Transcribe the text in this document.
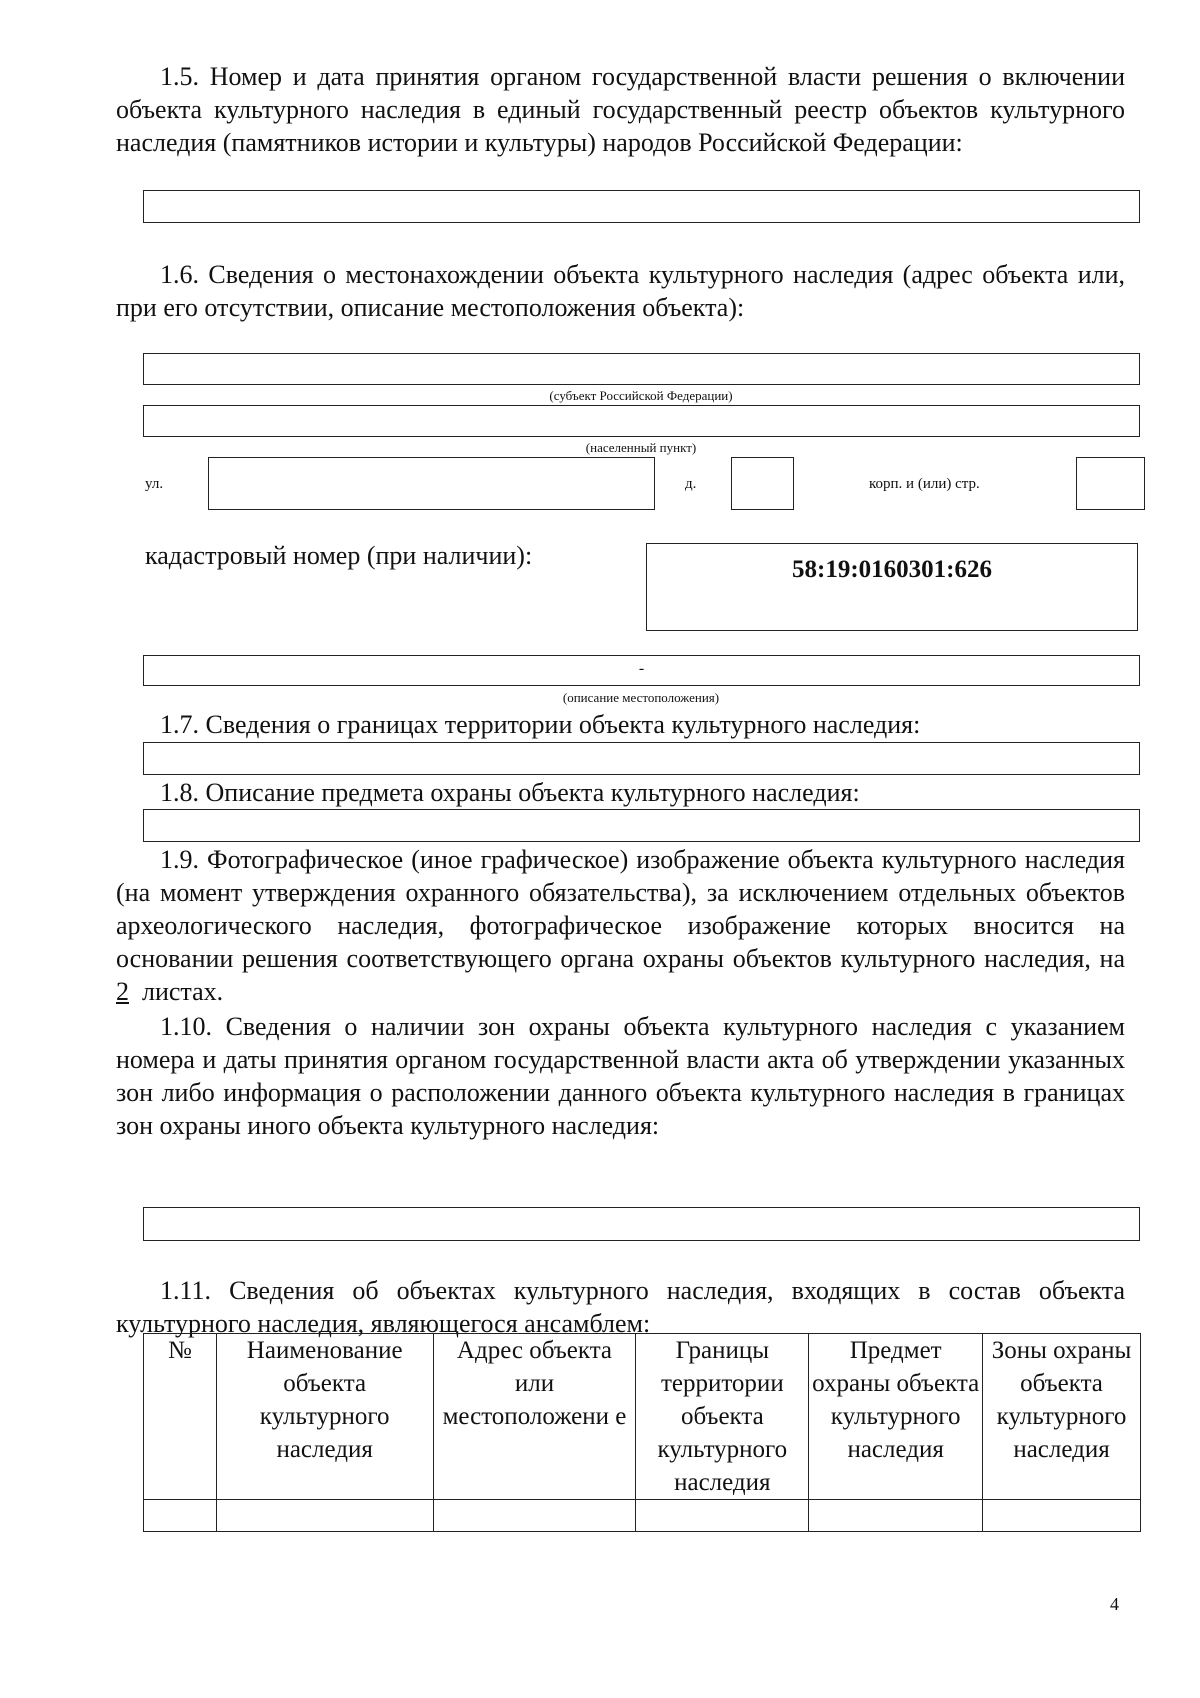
1.5. Номер и дата принятия органом государственной власти решения о включении объекта культурного наследия в единый государственный реестр объектов культурного наследия (памятников истории и культуры) народов Российской Федерации:

1.6. Сведения о местонахождении объекта культурного наследия (адрес объекта или, при его отсутствии, описание местоположения объекта):

(субъект Российской Федерации)
(населенный пункт)
ул.	д.	корп. и (или) стр.
кадастровый номер (при наличии):	58:19:0160301:626
-
(описание местоположения)

1.7. Сведения о границах территории объекта культурного наследия:

1.8. Описание предмета охраны объекта культурного наследия:

1.9. Фотографическое (иное графическое) изображение объекта культурного наследия (на момент утверждения охранного обязательства), за исключением отдельных объектов археологического наследия, фотографическое изображение которых вносится на основании решения соответствующего органа охраны объектов культурного наследия, на 2  листах.

1.10. Сведения о наличии зон охраны объекта культурного наследия с указанием номера и даты принятия органом государственной власти акта об утверждении указанных зон либо информация о расположении данного объекта культурного наследия в границах зон охраны иного объекта культурного наследия:

1.11. Сведения об объектах культурного наследия, входящих в состав объекта культурного наследия, являющегося ансамблем:

№	Наименование объекта культурного наследия	Адрес объекта или местоположени е	Границы территории объекта культурного наследия	Предмет охраны объекта культурного наследия	Зоны охраны объекта культурного наследия

4
